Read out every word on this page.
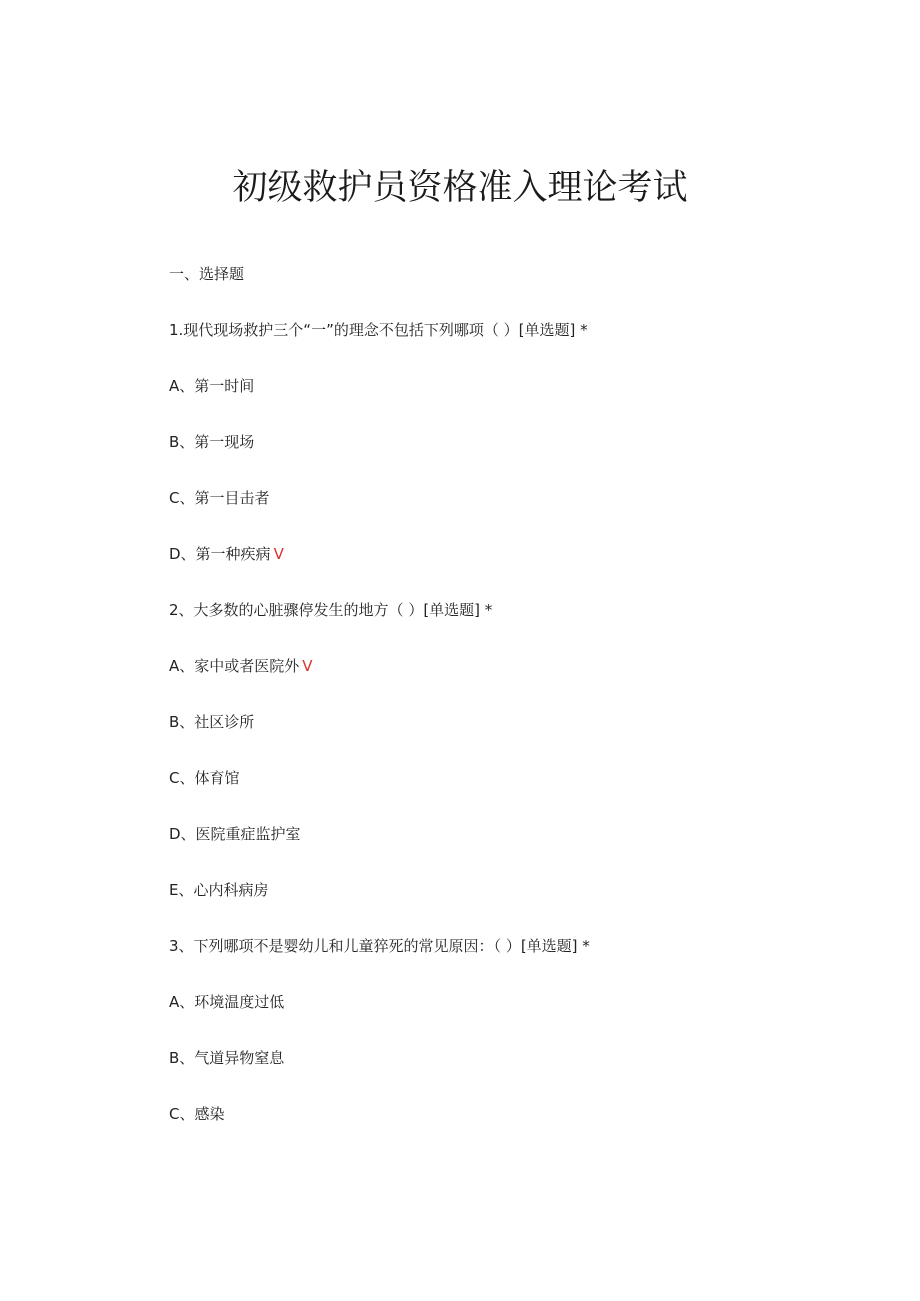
初级救护员资格准入理论考试
一、选择题
1.现代现场救护三个“一”的理念不包括下列哪项（ ）[单选题] *
A、第一时间
B、第一现场
C、第一目击者
D、第一种疾病 V
2、大多数的心脏骤停发生的地方（ ）[单选题] *
A、家中或者医院外 V
B、社区诊所
C、体育馆
D、医院重症监护室
E、心内科病房
3、下列哪项不是婴幼儿和儿童猝死的常见原因：（ ）[单选题] *
A、环境温度过低
B、气道异物窒息
C、感染
